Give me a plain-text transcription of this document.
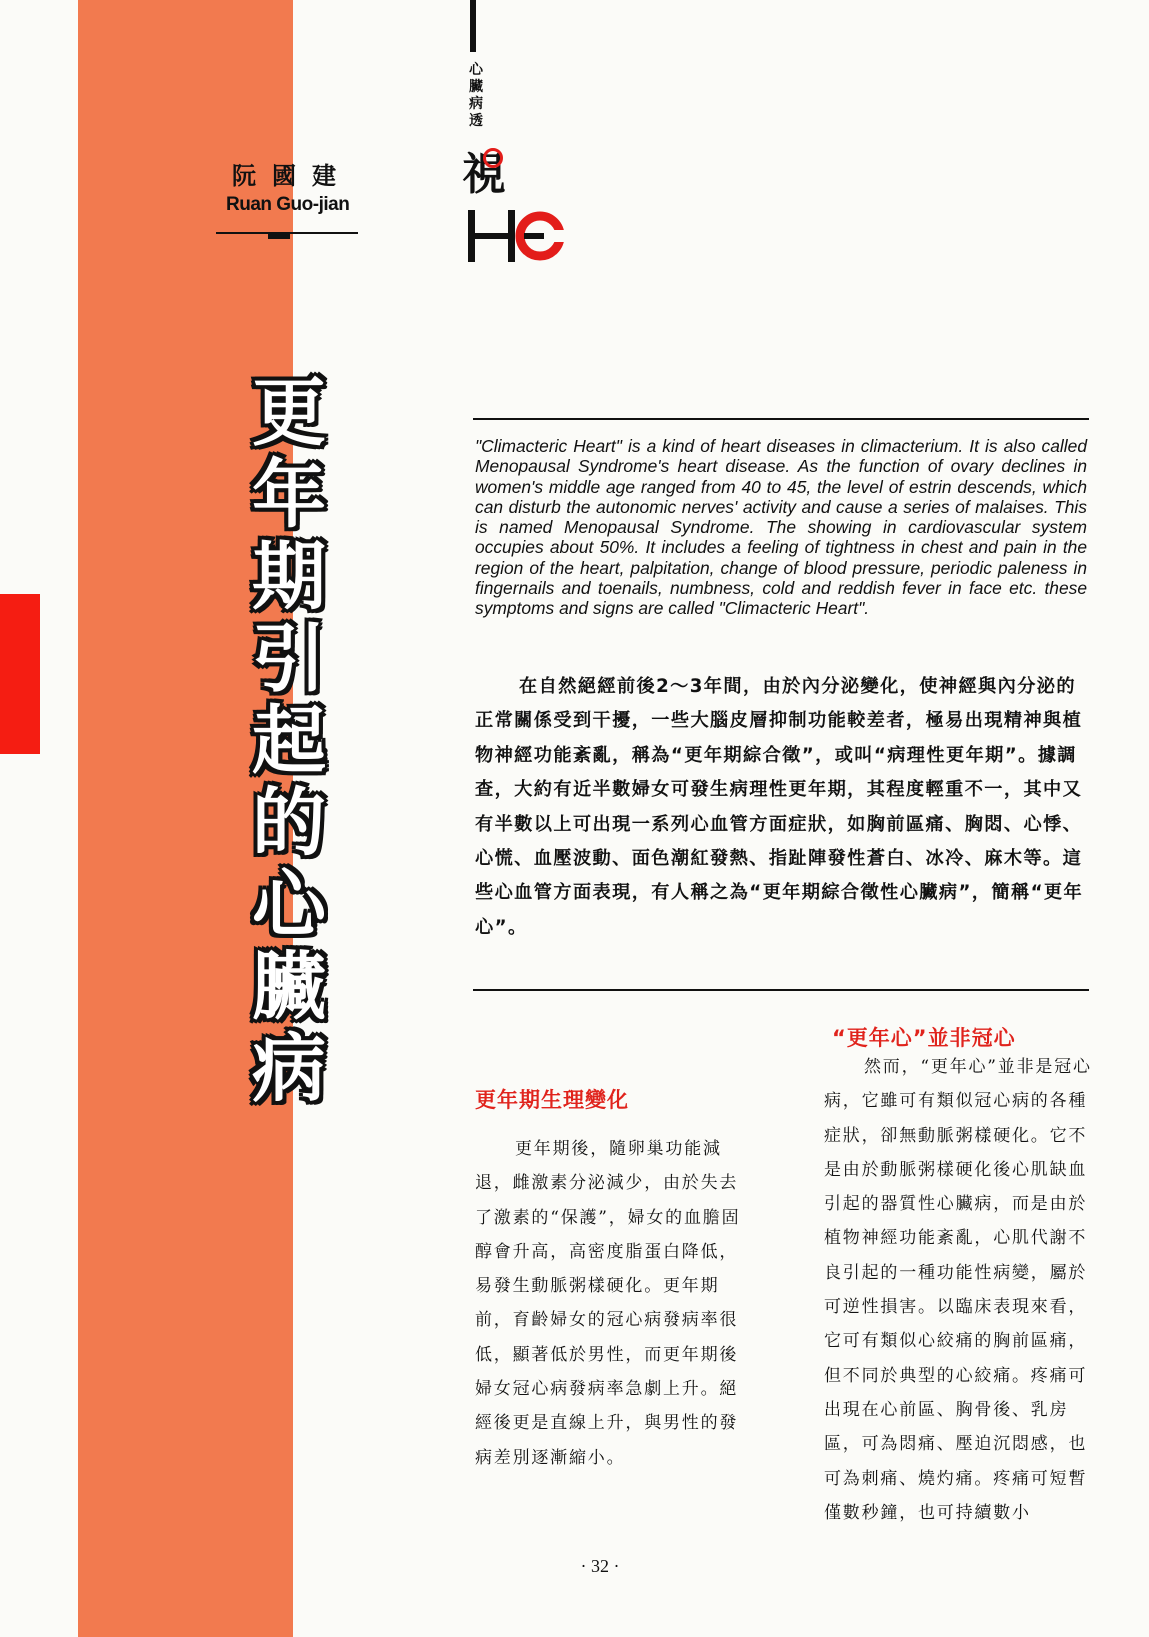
阮國建
Ruan Guo-jian
心臟病透
視
更
年
期
引
起
的
心
臟
病
"Climacteric Heart" is a kind of heart diseases in climacterium. It is also called Menopausal Syndrome's heart disease. As the function of ovary declines in women's middle age ranged from 40 to 45, the level of estrin descends, which can disturb the autonomic nerves' activity and cause a series of malaises. This is named Menopausal Syndrome. The showing in cardiovascular system occupies about 50%. It includes a feeling of tightness in chest and pain in the region of the heart, palpitation, change of blood pressure, periodic paleness in fingernails and toenails, numbness, cold and reddish fever in face etc. these symptoms and signs are called "Climacteric Heart".

在自然絕經前後2～3年間，由於內分泌變化，使神經與內分泌的正常關係受到干擾，一些大腦皮層抑制功能較差者，極易出現精神與植物神經功能紊亂，稱為“更年期綜合徵”，或叫“病理性更年期”。據調查，大約有近半數婦女可發生病理性更年期，其程度輕重不一，其中又有半數以上可出現一系列心血管方面症狀，如胸前區痛、胸悶、心悸、心慌、血壓波動、面色潮紅發熱、指趾陣發性蒼白、冰冷、麻木等。這些心血管方面表現，有人稱之為“更年期綜合徵性心臟病”，簡稱“更年心”。

更年期生理變化

更年期後，隨卵巢功能減退，雌激素分泌減少，由於失去了激素的“保護”，婦女的血膽固醇會升高，高密度脂蛋白降低，易發生動脈粥樣硬化。更年期前，育齡婦女的冠心病發病率很低，顯著低於男性，而更年期後婦女冠心病發病率急劇上升。絕經後更是直線上升，與男性的發病差別逐漸縮小。

“更年心”並非冠心

然而，“更年心”並非是冠心病，它雖可有類似冠心病的各種症狀，卻無動脈粥樣硬化。它不是由於動脈粥樣硬化後心肌缺血引起的器質性心臟病，而是由於植物神經功能紊亂，心肌代謝不良引起的一種功能性病變，屬於可逆性損害。以臨床表現來看，它可有類似心絞痛的胸前區痛，但不同於典型的心絞痛。疼痛可出現在心前區、胸骨後、乳房區，可為悶痛、壓迫沉悶感，也可為刺痛、燒灼痛。疼痛可短暫僅數秒鐘，也可持續數小

· 32 ·
